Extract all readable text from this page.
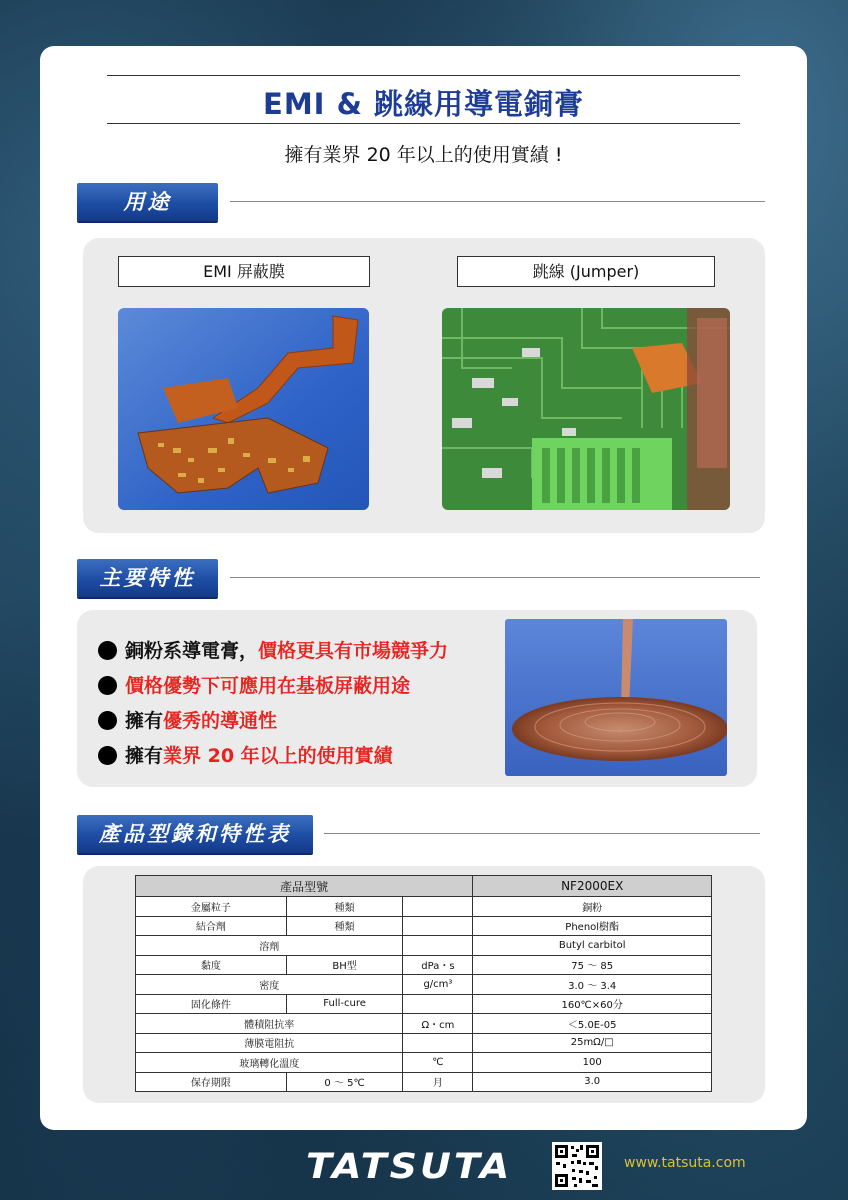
EMI & 跳線用導電銅膏
擁有業界 20 年以上的使用實績 !
用途
EMI 屏蔽膜	跳線 (Jumper)
主要特性
銅粉系導電膏，價格更具有市場競爭力
價格優勢下可應用在基板屏蔽用途
擁有優秀的導通性
擁有業界 20 年以上的使用實績
產品型錄和特性表
產品型號			NF2000EX
金屬粒子	種類		銅粉
結合劑	種類		Phenol樹酯
溶劑			Butyl carbitol
黏度	BH型	dPa・s	75 ～ 85
密度		g/cm³	3.0 ～ 3.4
固化條件	Full-cure		160℃×60分
體積阻抗率		Ω・cm	＜5.0E-05
薄膜電阻抗			25mΩ/□
玻璃轉化溫度		℃	100
保存期限	0 ～ 5℃	月	3.0
TATSUTA	www.tatsuta.com
